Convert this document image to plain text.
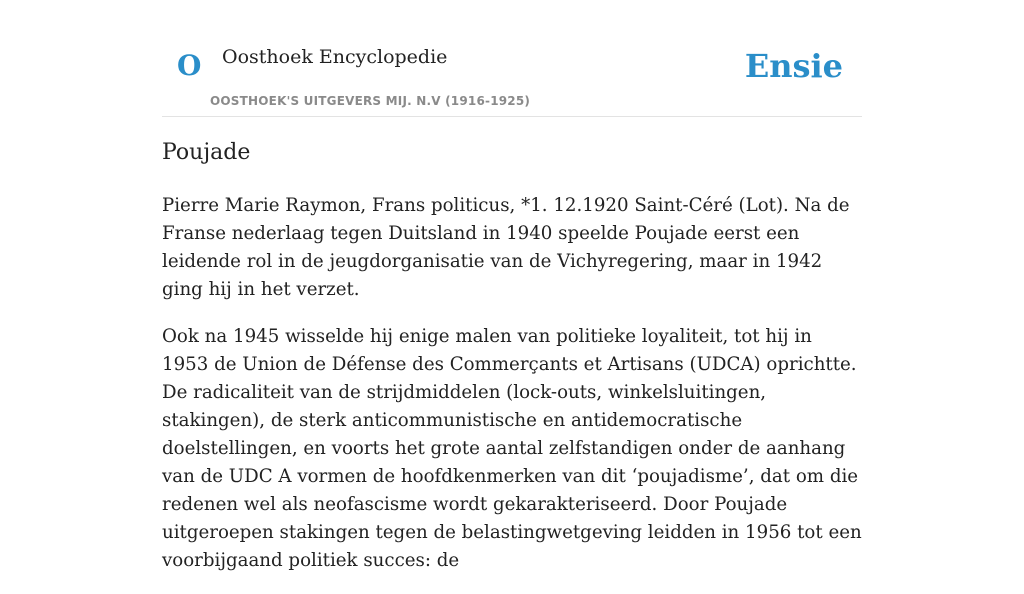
O Oosthoek Encyclopedie
OOSTHOEK'S UITGEVERS MIJ. N.V (1916-1925)
Ensie
Poujade

Pierre Marie Raymon, Frans politicus, *1. 12.1920 Saint-Céré (Lot). Na de Franse nederlaag tegen Duitsland in 1940 speelde Poujade eerst een leidende rol in de jeugdorganisatie van de Vichyregering, maar in 1942 ging hij in het verzet.

Ook na 1945 wisselde hij enige malen van politieke loyaliteit, tot hij in 1953 de Union de Défense des Commerçants et Artisans (UDCA) oprichtte. De radicaliteit van de strijdmiddelen (lock-outs, winkelsluitingen, stakingen), de sterk anticommunistische en antidemocratische doelstellingen, en voorts het grote aantal zelfstandigen onder de aanhang van de UDC A vormen de hoofdkenmerken van dit ‘poujadisme’, dat om die redenen wel als neofascisme wordt gekarakteriseerd. Door Poujade uitgeroepen stakingen tegen de belastingwetgeving leidden in 1956 tot een voorbijgaand politiek succes: de
